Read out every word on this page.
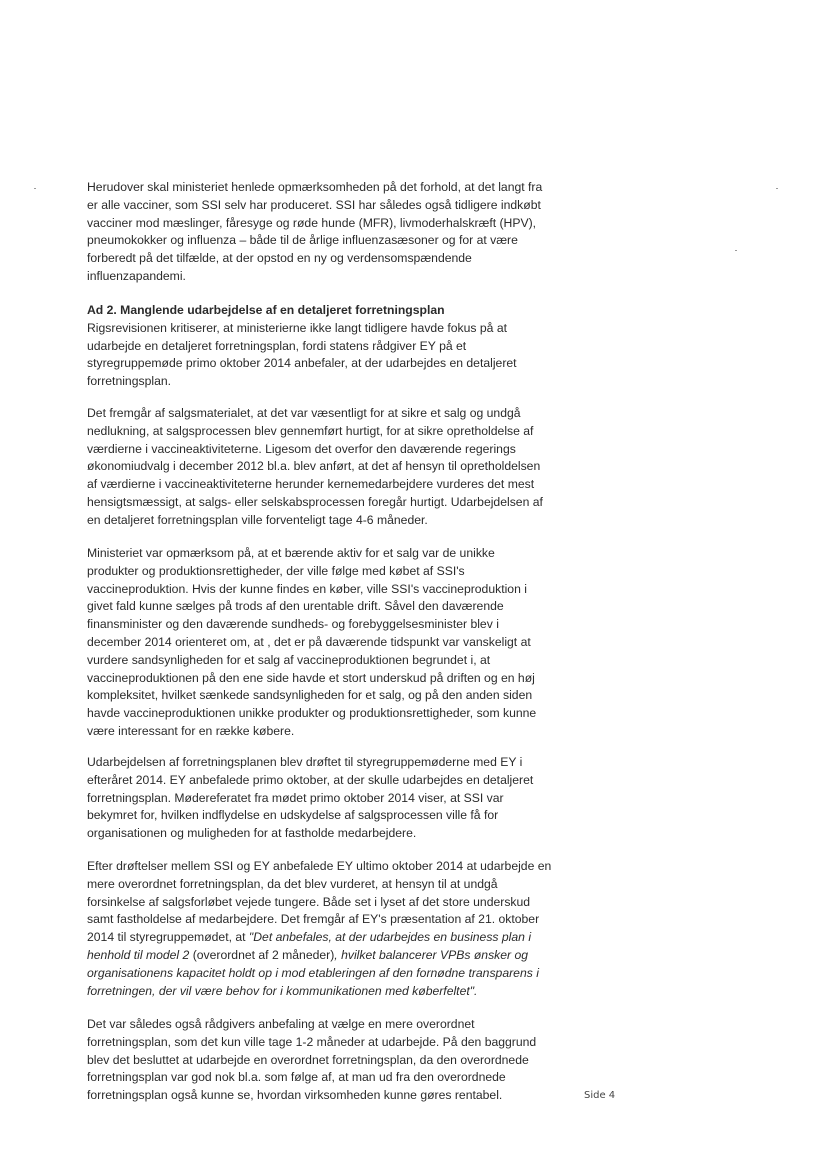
Herudover skal ministeriet henlede opmærksomheden på det forhold, at det langt fra
er alle vacciner, som SSI selv har produceret. SSI har således også tidligere indkøbt
vacciner mod mæslinger, fåresyge og røde hunde (MFR), livmoderhalskræft (HPV),
pneumokokker og influenza – både til de årlige influenzasæsoner og for at være
forberedt på det tilfælde, at der opstod en ny og verdensomspændende
influenzapandemi.
Ad 2. Manglende udarbejdelse af en detaljeret forretningsplan
Rigsrevisionen kritiserer, at ministerierne ikke langt tidligere havde fokus på at
udarbejde en detaljeret forretningsplan, fordi statens rådgiver EY på et
styregruppemøde primo oktober 2014 anbefaler, at der udarbejdes en detaljeret
forretningsplan.
Det fremgår af salgsmaterialet, at det var væsentligt for at sikre et salg og undgå
nedlukning, at salgsprocessen blev gennemført hurtigt, for at sikre opretholdelse af
værdierne i vaccineaktiviteterne. Ligesom det overfor den daværende regerings
økonomiudvalg i december 2012 bl.a. blev anført, at det af hensyn til opretholdelsen
af værdierne i vaccineaktiviteterne herunder kernemedarbejdere vurderes det mest
hensigtsmæssigt, at salgs- eller selskabsprocessen foregår hurtigt. Udarbejdelsen af
en detaljeret forretningsplan ville forventeligt tage 4-6 måneder.
Ministeriet var opmærksom på, at et bærende aktiv for et salg var de unikke
produkter og produktionsrettigheder, der ville følge med købet af SSI's
vaccineproduktion. Hvis der kunne findes en køber, ville SSI's vaccineproduktion i
givet fald kunne sælges på trods af den urentable drift. Såvel den daværende
finansminister og den daværende sundheds- og forebyggelsesminister blev i
december 2014 orienteret om, at , det er på daværende tidspunkt var vanskeligt at
vurdere sandsynligheden for et salg af vaccineproduktionen begrundet i, at
vaccineproduktionen på den ene side havde et stort underskud på driften og en høj
kompleksitet, hvilket sænkede sandsynligheden for et salg, og på den anden siden
havde vaccineproduktionen unikke produkter og produktionsrettigheder, som kunne
være interessant for en række købere.
Udarbejdelsen af forretningsplanen blev drøftet til styregruppemøderne med EY i
efteråret 2014. EY anbefalede primo oktober, at der skulle udarbejdes en detaljeret
forretningsplan. Mødereferatet fra mødet primo oktober 2014 viser, at SSI var
bekymret for, hvilken indflydelse en udskydelse af salgsprocessen ville få for
organisationen og muligheden for at fastholde medarbejdere.
Efter drøftelser mellem SSI og EY anbefalede EY ultimo oktober 2014 at udarbejde en
mere overordnet forretningsplan, da det blev vurderet, at hensyn til at undgå
forsinkelse af salgsforløbet vejede tungere. Både set i lyset af det store underskud
samt fastholdelse af medarbejdere. Det fremgår af EY's præsentation af 21. oktober
2014 til styregruppemødet, at "Det anbefales, at der udarbejdes en business plan i
henhold til model 2 (overordnet af 2 måneder), hvilket balancerer VPBs ønsker og
organisationens kapacitet holdt op i mod etableringen af den fornødne transparens i
forretningen, der vil være behov for i kommunikationen med køberfeltet".
Det var således også rådgivers anbefaling at vælge en mere overordnet
forretningsplan, som det kun ville tage 1-2 måneder at udarbejde. På den baggrund
blev det besluttet at udarbejde en overordnet forretningsplan, da den overordnede
forretningsplan var god nok bl.a. som følge af, at man ud fra den overordnede
forretningsplan også kunne se, hvordan virksomheden kunne gøres rentabel.	Side 4
